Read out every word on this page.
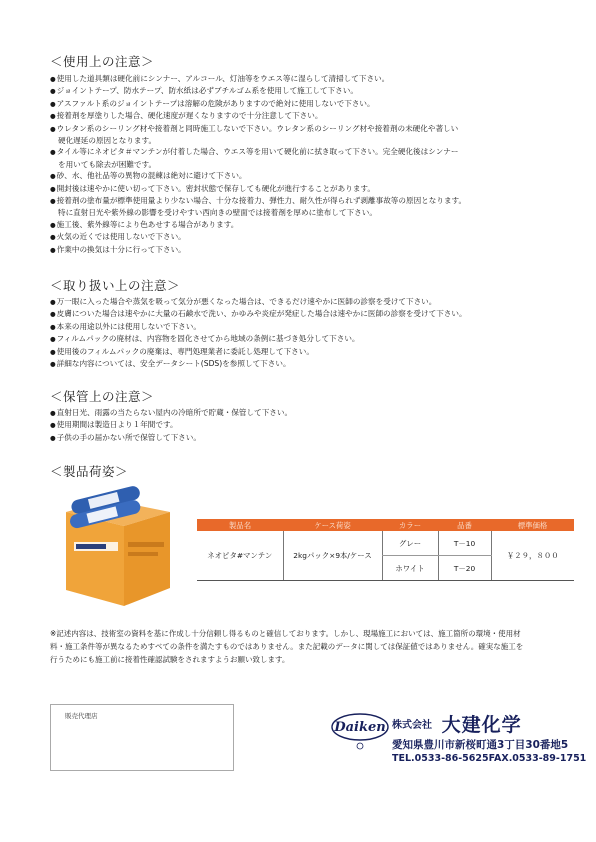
＜使用上の注意＞
● 使用した道具類は硬化前にシンナー、アルコール、灯油等をウエス等に湿らして清掃して下さい。
● ジョイントテープ、防水テープ、防水紙は必ずブチルゴム系を使用して施工して下さい。
● アスファルト系のジョイントテープは溶解の危険がありますので絶対に使用しないで下さい。
● 接着剤を厚塗りした場合、硬化速度が遅くなりますので十分注意して下さい。
● ウレタン系のシーリング材や接着剤と同時施工しないで下さい。ウレタン系のシーリング材や接着剤の未硬化や著しい
硬化遅延の原因となります。
● タイル等にネオピタ＃マンテンが付着した場合、ウエス等を用いて硬化前に拭き取って下さい。完全硬化後はシンナー
を用いても除去が困難です。
● 砂、水、他社品等の異物の混練は絶対に避けて下さい。
● 開封後は速やかに使い切って下さい。密封状態で保存しても硬化が進行することがあります。
● 接着剤の塗布量が標準使用量より少ない場合、十分な接着力、弾性力、耐久性が得られず剥離事故等の原因となります。
特に直射日光や紫外線の影響を受けやすい西向きの壁面では接着剤を厚めに塗布して下さい。
● 施工後、紫外線等により色あせする場合があります。
● 火気の近くでは使用しないで下さい。
● 作業中の換気は十分に行って下さい。
＜取り扱い上の注意＞
● 万一眼に入った場合や蒸気を吸って気分が悪くなった場合は、できるだけ速やかに医師の診察を受けて下さい。
● 皮膚についた場合は速やかに大量の石鹸水で洗い、かゆみや炎症が発症した場合は速やかに医師の診察を受けて下さい。
● 本来の用途以外には使用しないで下さい。
● フィルムパックの廃材は、内容物を固化させてから地域の条例に基づき処分して下さい。
● 使用後のフィルムパックの廃棄は、専門処理業者に委託し処理して下さい。
● 詳細な内容については、安全データシート(SDS)を参照して下さい。
＜保管上の注意＞
● 直射日光、雨露の当たらない屋内の冷暗所で貯蔵・保管して下さい。
● 使用期間は製造日より１年間です。
● 子供の手の届かない所で保管して下さい。
＜製品荷姿＞
製品名	ケース荷姿	カラー	品番	標準価格
ネオピタ#マンテン	2kgパック×9本/ケース	グレー	T－10	￥２９，８００
		ホワイト	T－20	
※記述内容は、技術室の資料を基に作成し十分信頼し得るものと確信しております。しかし、現場施工においては、施工箇所の環境・使用材
料・施工条件等が異なるためすべての条件を満たすものではありません。また記載のデータに関しては保証値ではありません。確実な施工を
行うためにも施工前に接着性確認試験をされますようお願い致します。
販売代理店
Daiken 株式会社 大建化学
愛知県豊川市新桜町通3丁目30番地5
TEL.0533-86-5625FAX.0533-89-1751
